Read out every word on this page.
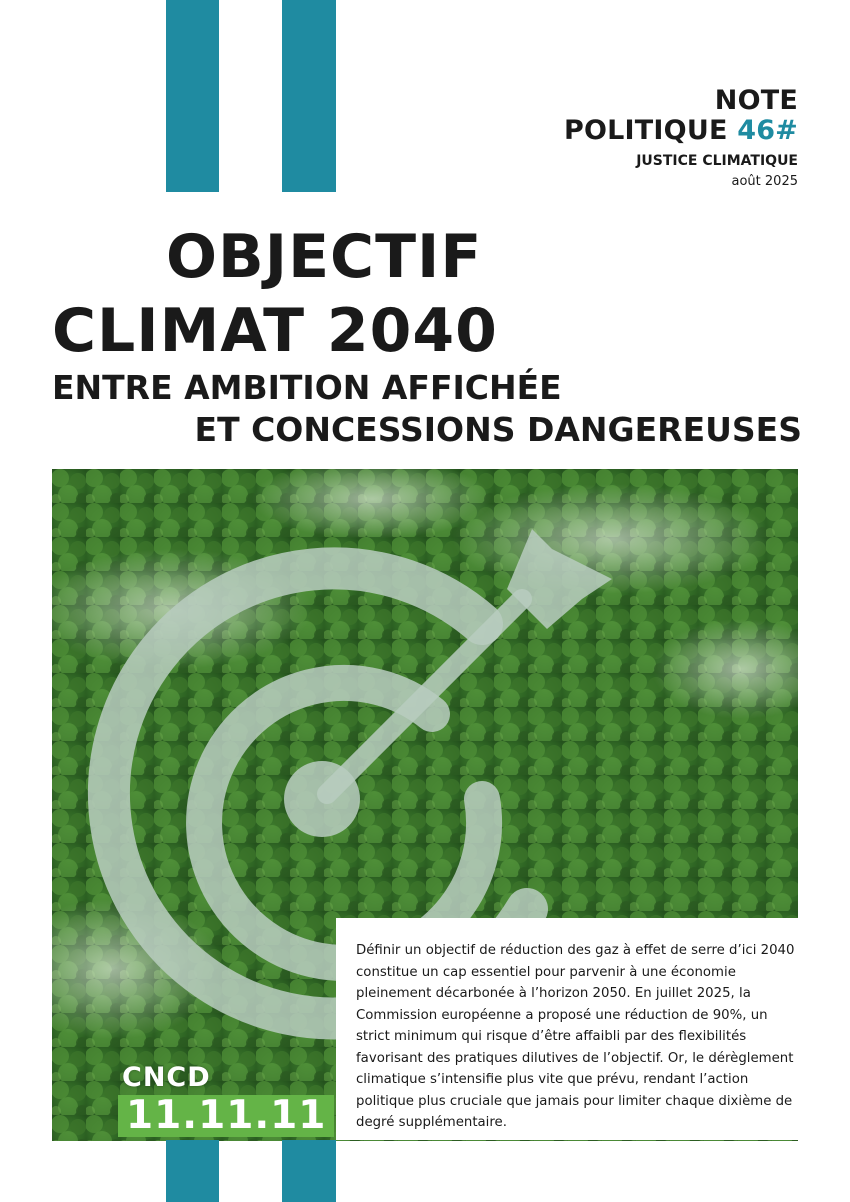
NOTE
POLITIQUE 46#
JUSTICE CLIMATIQUE
août 2025
OBJECTIF
CLIMAT 2040
ENTRE AMBITION AFFICHÉE
ET CONCESSIONS DANGEREUSES

Définir un objectif de réduction des gaz à effet de serre d’ici 2040 constitue un cap essentiel pour parvenir à une économie pleinement décarbonée à l’horizon 2050. En juillet 2025, la Commission européenne a proposé une réduction de 90%, un strict minimum qui risque d’être affaibli par des flexibilités favorisant des pratiques dilutives de l’objectif. Or, le dérèglement climatique s’intensifie plus vite que prévu, rendant l’action politique plus cruciale que jamais pour limiter chaque dixième de degré supplémentaire.

CNCD
11.11.11
